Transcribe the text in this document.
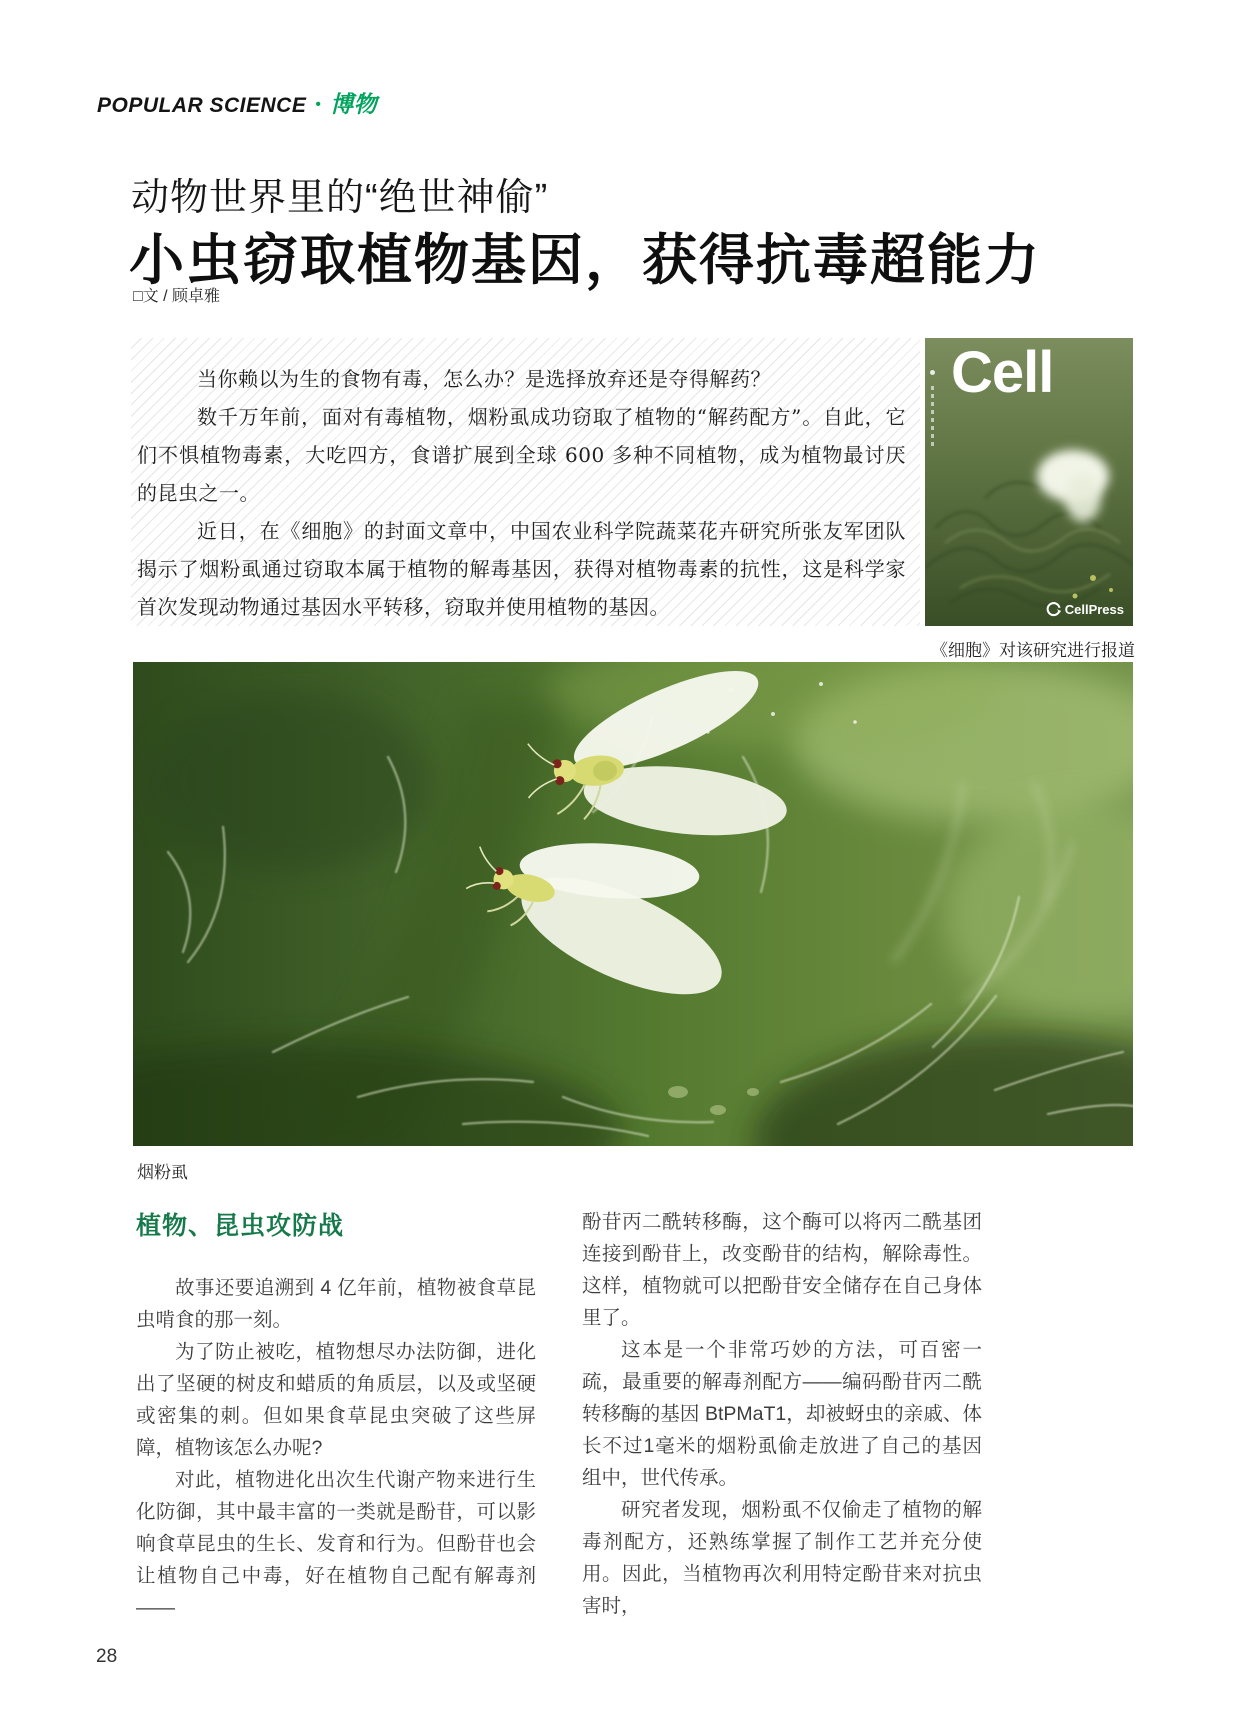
POPULAR SCIENCE • 博物
动物世界里的“绝世神偷”
小虫窃取植物基因，获得抗毒超能力
□文 / 顾卓雅

当你赖以为生的食物有毒，怎么办？是选择放弃还是夺得解药？

数千万年前，面对有毒植物，烟粉虱成功窃取了植物的“解药配方”。自此，它们不惧植物毒素，大吃四方，食谱扩展到全球 600 多种不同植物，成为植物最讨厌的昆虫之一。

近日，在《细胞》的封面文章中，中国农业科学院蔬菜花卉研究所张友军团队揭示了烟粉虱通过窃取本属于植物的解毒基因，获得对植物毒素的抗性，这是科学家首次发现动物通过基因水平转移，窃取并使用植物的基因。

Cell
CellPress
《细胞》对该研究进行报道
烟粉虱
植物、昆虫攻防战

故事还要追溯到 4 亿年前，植物被食草昆虫啃食的那一刻。

为了防止被吃，植物想尽办法防御，进化出了坚硬的树皮和蜡质的角质层，以及或坚硬或密集的刺。但如果食草昆虫突破了这些屏障，植物该怎么办呢?

对此，植物进化出次生代谢产物来进行生化防御，其中最丰富的一类就是酚苷，可以影响食草昆虫的生长、发育和行为。但酚苷也会让植物自己中毒，好在植物自己配有解毒剂——

酚苷丙二酰转移酶，这个酶可以将丙二酰基团连接到酚苷上，改变酚苷的结构，解除毒性。这样，植物就可以把酚苷安全储存在自己身体里了。

这本是一个非常巧妙的方法，可百密一疏，最重要的解毒剂配方——编码酚苷丙二酰转移酶的基因 BtPMaT1，却被蚜虫的亲戚、体长不过1毫米的烟粉虱偷走放进了自己的基因组中，世代传承。

研究者发现，烟粉虱不仅偷走了植物的解毒剂配方，还熟练掌握了制作工艺并充分使用。因此，当植物再次利用特定酚苷来对抗虫害时，

28
